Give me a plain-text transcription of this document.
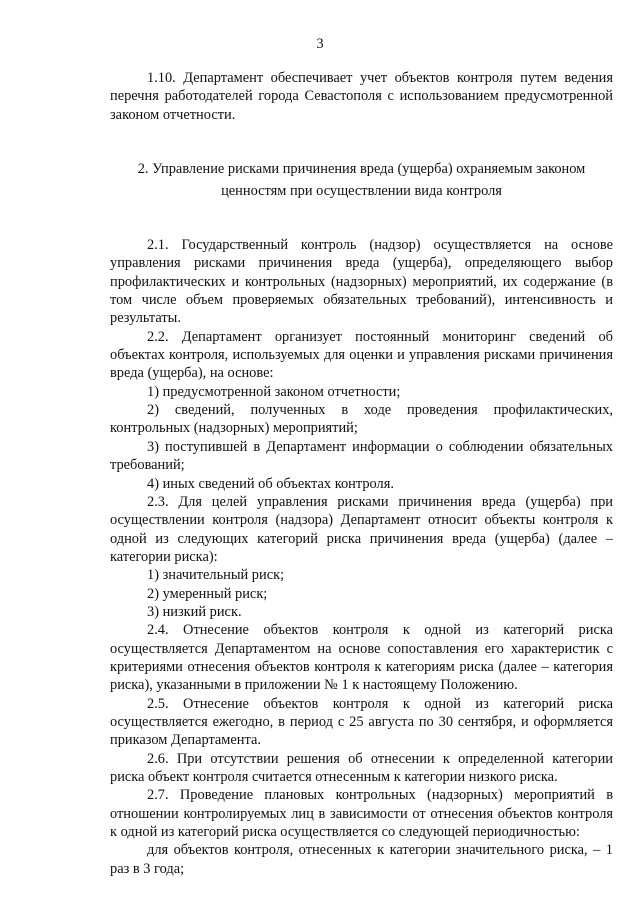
3

1.10. Департамент обеспечивает учет объектов контроля путем ведения перечня работодателей города Севастополя с использованием предусмотренной законом отчетности.

2. Управление рисками причинения вреда (ущерба) охраняемым законом
ценностям при осуществлении вида контроля

2.1. Государственный контроль (надзор) осуществляется на основе управления рисками причинения вреда (ущерба), определяющего выбор профилактических и контрольных (надзорных) мероприятий, их содержание (в том числе объем проверяемых обязательных требований), интенсивность и результаты.

2.2. Департамент организует постоянный мониторинг сведений об объектах контроля, используемых для оценки и управления рисками причинения вреда (ущерба), на основе:

1) предусмотренной законом отчетности;

2) сведений, полученных в ходе проведения профилактических, контрольных (надзорных) мероприятий;

3) поступившей в Департамент информации о соблюдении обязательных требований;

4) иных сведений об объектах контроля.

2.3. Для целей управления рисками причинения вреда (ущерба) при осуществлении контроля (надзора) Департамент относит объекты контроля к одной из следующих категорий риска причинения вреда (ущерба) (далее – категории риска):

1) значительный риск;

2) умеренный риск;

3) низкий риск.

2.4. Отнесение объектов контроля к одной из категорий риска осуществляется Департаментом на основе сопоставления его характеристик с критериями отнесения объектов контроля к категориям риска (далее – категория риска), указанными в приложении № 1 к настоящему Положению.

2.5. Отнесение объектов контроля к одной из категорий риска осуществляется ежегодно, в период с 25 августа по 30 сентября, и оформляется приказом Департамента.

2.6. При отсутствии решения об отнесении к определенной категории риска объект контроля считается отнесенным к категории низкого риска.

2.7. Проведение плановых контрольных (надзорных) мероприятий в отношении контролируемых лиц в зависимости от отнесения объектов контроля к одной из категорий риска осуществляется со следующей периодичностью:

для объектов контроля, отнесенных к категории значительного риска, – 1 раз в 3 года;
